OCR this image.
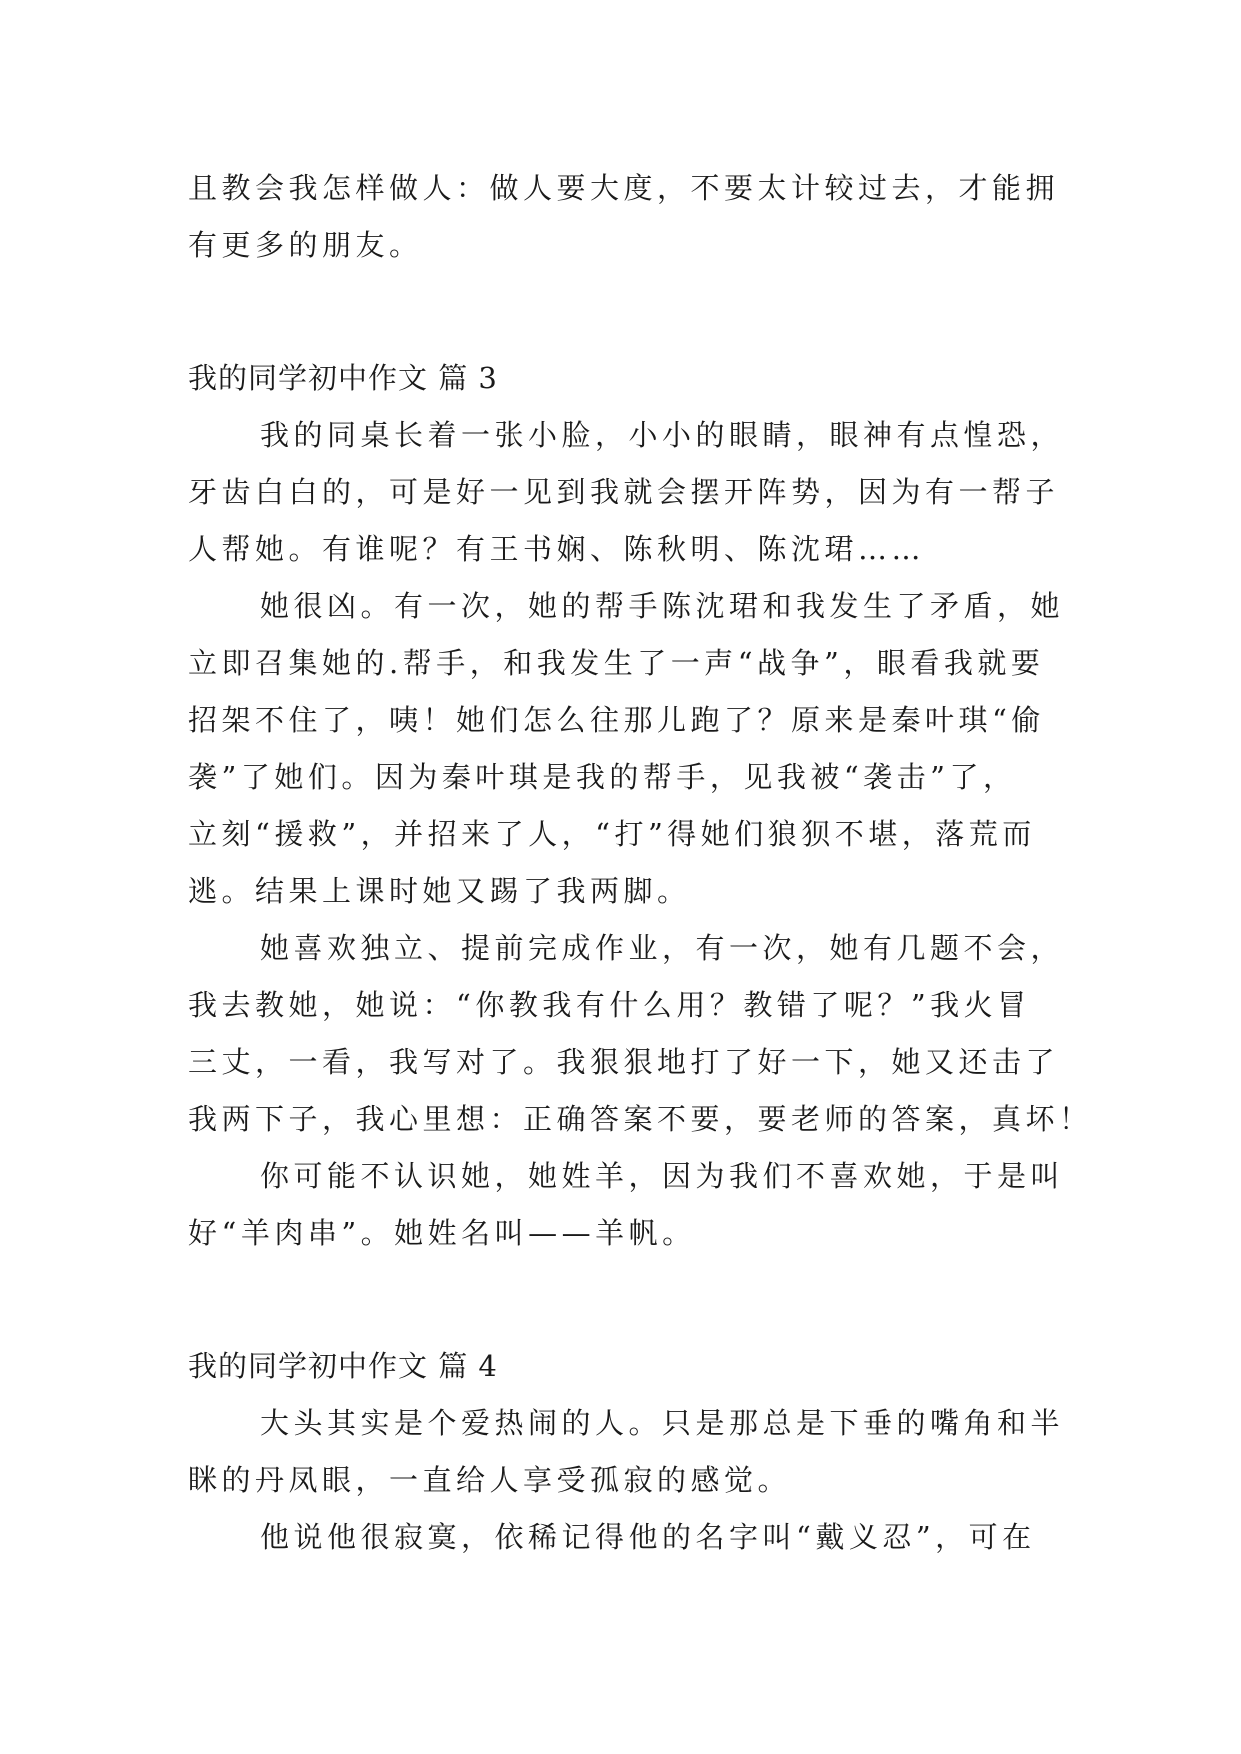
且教会我怎样做人：做人要大度，不要太计较过去，才能拥
有更多的朋友。
我的同学初中作文 篇 3
我的同桌长着一张小脸，小小的眼睛，眼神有点惶恐，
牙齿白白的，可是好一见到我就会摆开阵势，因为有一帮子
人帮她。有谁呢？有王书娴、陈秋明、陈沈珺……
她很凶。有一次，她的帮手陈沈珺和我发生了矛盾，她
立即召集她的.帮手，和我发生了一声“战争”，眼看我就要
招架不住了，咦！她们怎么往那儿跑了？原来是秦叶琪“偷
袭”了她们。因为秦叶琪是我的帮手，见我被“袭击”了，
立刻“援救”，并招来了人，“打”得她们狼狈不堪，落荒而
逃。结果上课时她又踢了我两脚。
她喜欢独立、提前完成作业，有一次，她有几题不会，
我去教她，她说：“你教我有什么用？教错了呢？”我火冒
三丈，一看，我写对了。我狠狠地打了好一下，她又还击了
我两下子，我心里想：正确答案不要，要老师的答案，真坏！
你可能不认识她，她姓羊，因为我们不喜欢她，于是叫
好“羊肉串”。她姓名叫——羊帆。
我的同学初中作文 篇 4
大头其实是个爱热闹的人。只是那总是下垂的嘴角和半
眯的丹凤眼，一直给人享受孤寂的感觉。
他说他很寂寞，依稀记得他的名字叫“戴义忍”，可在
